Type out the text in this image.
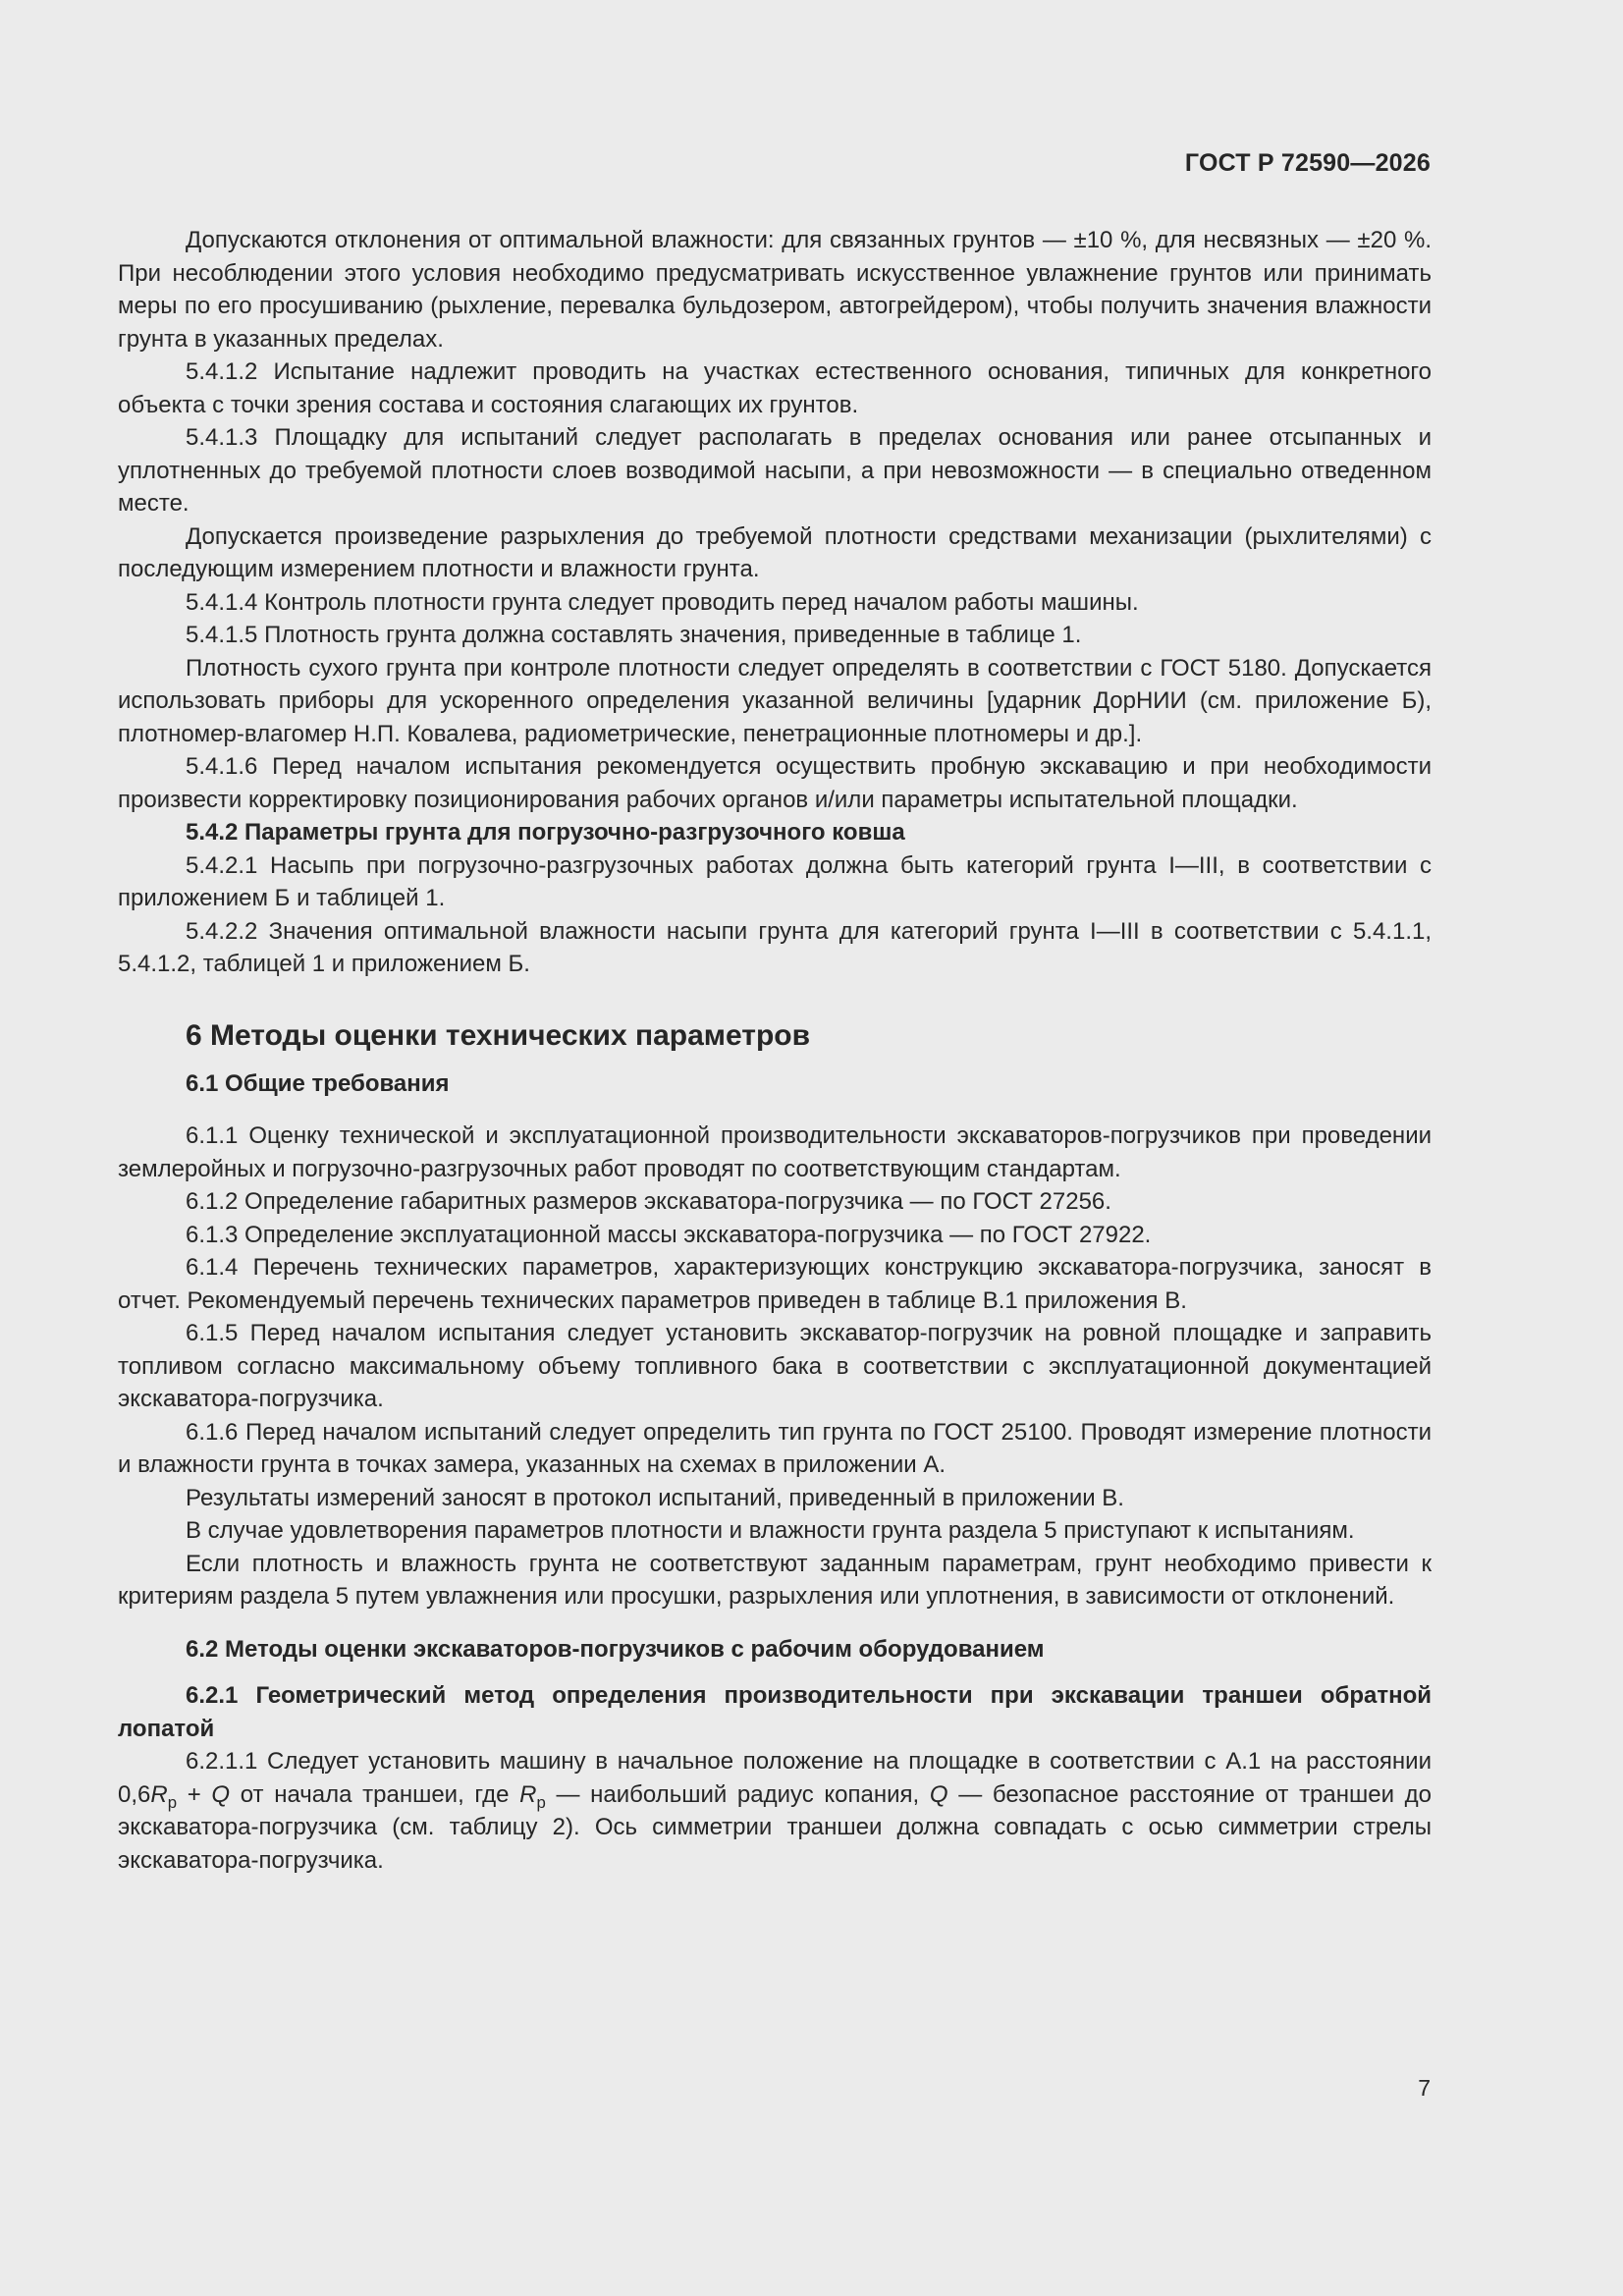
ГОСТ Р 72590—2026

Допускаются отклонения от оптимальной влажности: для связанных грунтов — ±10 %, для несвязных — ±20 %. При несоблюдении этого условия необходимо предусматривать искусственное увлажнение грунтов или принимать меры по его просушиванию (рыхление, перевалка бульдозером, автогрейдером), чтобы получить значения влажности грунта в указанных пределах.

5.4.1.2 Испытание надлежит проводить на участках естественного основания, типичных для конкретного объекта с точки зрения состава и состояния слагающих их грунтов.

5.4.1.3 Площадку для испытаний следует располагать в пределах основания или ранее отсыпанных и уплотненных до требуемой плотности слоев возводимой насыпи, а при невозможности — в специально отведенном месте.

Допускается произведение разрыхления до требуемой плотности средствами механизации (рыхлителями) с последующим измерением плотности и влажности грунта.

5.4.1.4 Контроль плотности грунта следует проводить перед началом работы машины.

5.4.1.5 Плотность грунта должна составлять значения, приведенные в таблице 1.

Плотность сухого грунта при контроле плотности следует определять в соответствии с ГОСТ 5180. Допускается использовать приборы для ускоренного определения указанной величины [ударник ДорНИИ (см. приложение Б), плотномер-влагомер Н.П. Ковалева, радиометрические, пенетрационные плотномеры и др.].

5.4.1.6 Перед началом испытания рекомендуется осуществить пробную экскавацию и при необходимости произвести корректировку позиционирования рабочих органов и/или параметры испытательной площадки.

5.4.2 Параметры грунта для погрузочно-разгрузочного ковша

5.4.2.1 Насыпь при погрузочно-разгрузочных работах должна быть категорий грунта I—III, в соответствии с приложением Б и таблицей 1.

5.4.2.2 Значения оптимальной влажности насыпи грунта для категорий грунта I—III в соответствии с 5.4.1.1, 5.4.1.2, таблицей 1 и приложением Б.

6 Методы оценки технических параметров
6.1 Общие требования

6.1.1 Оценку технической и эксплуатационной производительности экскаваторов-погрузчиков при проведении землеройных и погрузочно-разгрузочных работ проводят по соответствующим стандартам.

6.1.2 Определение габаритных размеров экскаватора-погрузчика — по ГОСТ 27256.

6.1.3 Определение эксплуатационной массы экскаватора-погрузчика — по ГОСТ 27922.

6.1.4 Перечень технических параметров, характеризующих конструкцию экскаватора-погрузчика, заносят в отчет. Рекомендуемый перечень технических параметров приведен в таблице В.1 приложения В.

6.1.5 Перед началом испытания следует установить экскаватор-погрузчик на ровной площадке и заправить топливом согласно максимальному объему топливного бака в соответствии с эксплуатационной документацией экскаватора-погрузчика.

6.1.6 Перед началом испытаний следует определить тип грунта по ГОСТ 25100. Проводят измерение плотности и влажности грунта в точках замера, указанных на схемах в приложении А.

Результаты измерений заносят в протокол испытаний, приведенный в приложении В.

В случае удовлетворения параметров плотности и влажности грунта раздела 5 приступают к испытаниям.

Если плотность и влажность грунта не соответствуют заданным параметрам, грунт необходимо привести к критериям раздела 5 путем увлажнения или просушки, разрыхления или уплотнения, в зависимости от отклонений.

6.2 Методы оценки экскаваторов-погрузчиков с рабочим оборудованием

6.2.1 Геометрический метод определения производительности при экскавации траншеи обратной лопатой

6.2.1.1 Следует установить машину в начальное положение на площадке в соответствии с А.1 на расстоянии $0,6R_р + Q$ от начала траншеи, где $R_р$ — наибольший радиус копания, Q — безопасное расстояние от траншеи до экскаватора-погрузчика (см. таблицу 2). Ось симметрии траншеи должна совпадать с осью симметрии стрелы экскаватора-погрузчика.

7
